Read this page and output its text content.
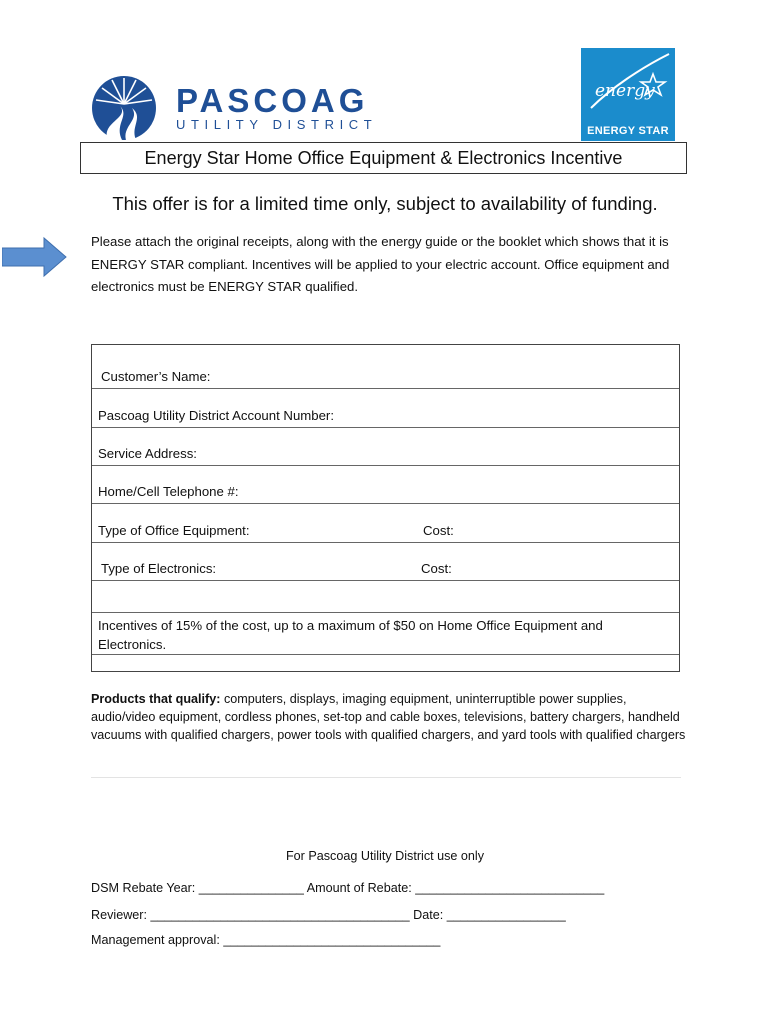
PASCOAG
UTILITY DISTRICT
energy
ENERGY STAR
Energy Star Home Office Equipment & Electronics Incentive
This offer is for a limited time only, subject to availability of funding.
Please attach the original receipts, along with the energy guide or the booklet which shows that it is ENERGY STAR compliant. Incentives will be applied to your electric account. Office equipment and electronics must be ENERGY STAR qualified.
Customer’s Name:
Pascoag Utility District Account Number:
Service Address:
Home/Cell Telephone #:
Type of Office Equipment:	Cost:
Type of Electronics:	Cost:
Incentives of 15% of the cost, up to a maximum of $50 on Home Office Equipment and Electronics.
Products that qualify: computers, displays, imaging equipment, uninterruptible power supplies, audio/video equipment, cordless phones, set-top and cable boxes, televisions, battery chargers, handheld vacuums with qualified chargers, power tools with qualified chargers, and yard tools with qualified chargers
For Pascoag Utility District use only
DSM Rebate Year: _______________ Amount of Rebate: ___________________________
Reviewer: _____________________________________ Date: _________________
Management approval: _______________________________
